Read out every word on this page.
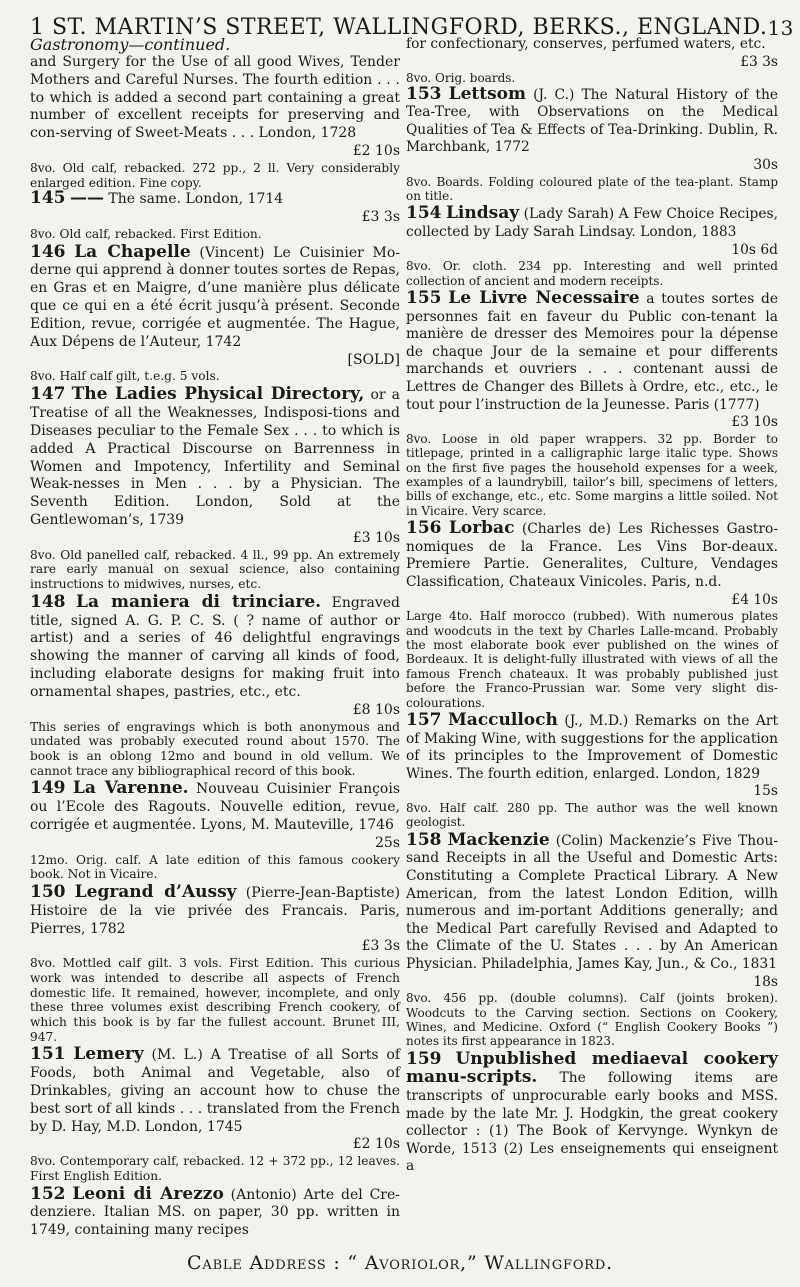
1 ST. MARTIN’S STREET, WALLINGFORD, BERKS., ENGLAND. 13

Gastronomy—continued.

and Surgery for the Use of all good Wives, Tender Mothers and Careful Nurses. The fourth edition . . . to which is added a second part containing a great number of excellent receipts for preserving and con-serving of Sweet-Meats . . . London, 1728
£2 10s
8vo. Old calf, rebacked. 272 pp., 2 ll. Very considerably enlarged edition. Fine copy.

145 —— The same. London, 1714
£3 3s
8vo. Old calf, rebacked. First Edition.

146 La Chapelle (Vincent) Le Cuisinier Mo-derne qui apprend à donner toutes sortes de Repas, en Gras et en Maigre, d’une manière plus délicate que ce qui en a été écrit jusqu’à présent. Seconde Edition, revue, corrigée et augmentée. The Hague, Aux Dépens de l’Auteur, 1742
[SOLD]
8vo. Half calf gilt, t.e.g. 5 vols.

147 The Ladies Physical Directory, or a Treatise of all the Weaknesses, Indisposi-tions and Diseases peculiar to the Female Sex . . . to which is added A Practical Discourse on Barrenness in Women and Impotency, Infertility and Seminal Weak-nesses in Men . . . by a Physician. The Seventh Edition. London, Sold at the Gentlewoman’s, 1739
£3 10s
8vo. Old panelled calf, rebacked. 4 ll., 99 pp. An extremely rare early manual on sexual science, also containing instructions to midwives, nurses, etc.

148 La maniera di trinciare. Engraved title, signed A. G. P. C. S. ( ? name of author or artist) and a series of 46 delightful engravings showing the manner of carving all kinds of food, including elaborate designs for making fruit into ornamental shapes, pastries, etc., etc.
£8 10s
This series of engravings which is both anonymous and undated was probably executed round about 1570. The book is an oblong 12mo and bound in old vellum. We cannot trace any bibliographical record of this book.

149 La Varenne. Nouveau Cuisinier François ou l’Ecole des Ragouts. Nouvelle edition, revue, corrigée et augmentée. Lyons, M. Mauteville, 1746
25s
12mo. Orig. calf. A late edition of this famous cookery book. Not in Vicaire.

150 Legrand d’Aussy (Pierre-Jean-Baptiste) Histoire de la vie privée des Francais. Paris, Pierres, 1782
£3 3s
8vo. Mottled calf gilt. 3 vols. First Edition. This curious work was intended to describe all aspects of French domestic life. It remained, however, incomplete, and only these three volumes exist describing French cookery, of which this book is by far the fullest account. Brunet III, 947.

151 Lemery (M. L.) A Treatise of all Sorts of Foods, both Animal and Vegetable, also of Drinkables, giving an account how to chuse the best sort of all kinds . . . translated from the French by D. Hay, M.D. London, 1745
£2 10s
8vo. Contemporary calf, rebacked. 12 + 372 pp., 12 leaves. First English Edition.

152 Leoni di Arezzo (Antonio) Arte del Cre-denziere. Italian MS. on paper, 30 pp. written in 1749, containing many recipes

for confectionary, conserves, perfumed waters, etc.
£3 3s
8vo. Orig. boards.

153 Lettsom (J. C.) The Natural History of the Tea-Tree, with Observations on the Medical Qualities of Tea & Effects of Tea-Drinking. Dublin, R. Marchbank, 1772
30s
8vo. Boards. Folding coloured plate of the tea-plant. Stamp on title.

154 Lindsay (Lady Sarah) A Few Choice Recipes, collected by Lady Sarah Lindsay. London, 1883
10s 6d
8vo. Or. cloth. 234 pp. Interesting and well printed collection of ancient and modern receipts.

155 Le Livre Necessaire a toutes sortes de personnes fait en faveur du Public con-tenant la manière de dresser des Memoires pour la dépense de chaque Jour de la semaine et pour differents marchands et ouvriers . . . contenant aussi de Lettres de Changer des Billets à Ordre, etc., etc., le tout pour l’instruction de la Jeunesse. Paris (1777)
£3 10s
8vo. Loose in old paper wrappers. 32 pp. Border to titlepage, printed in a calligraphic large italic type. Shows on the first five pages the household expenses for a week, examples of a laundrybill, tailor’s bill, specimens of letters, bills of exchange, etc., etc. Some margins a little soiled. Not in Vicaire. Very scarce.

156 Lorbac (Charles de) Les Richesses Gastro-nomiques de la France. Les Vins Bor-deaux. Premiere Partie. Generalites, Culture, Vendages Classification, Chateaux Vinicoles. Paris, n.d.
£4 10s
Large 4to. Half morocco (rubbed). With numerous plates and woodcuts in the text by Charles Lalle-mcand. Probably the most elaborate book ever published on the wines of Bordeaux. It is delight-fully illustrated with views of all the famous French chateaux. It was probably published just before the Franco-Prussian war. Some very slight dis-colourations.

157 Macculloch (J., M.D.) Remarks on the Art of Making Wine, with suggestions for the application of its principles to the Improvement of Domestic Wines. The fourth edition, enlarged. London, 1829
15s
8vo. Half calf. 280 pp. The author was the well known geologist.

158 Mackenzie (Colin) Mackenzie’s Five Thou-sand Receipts in all the Useful and Domestic Arts: Constituting a Complete Practical Library. A New American, from the latest London Edition, willh numerous and im-portant Additions generally; and the Medical Part carefully Revised and Adapted to the Climate of the U. States . . . by An American Physician. Philadelphia, James Kay, Jun., & Co., 1831
18s
8vo. 456 pp. (double columns). Calf (joints broken). Woodcuts to the Carving section. Sections on Cookery, Wines, and Medicine. Oxford (“ English Cookery Books ”) notes its first appearance in 1823.

159 Unpublished mediaeval cookery manu-scripts. The following items are transcripts of unprocurable early books and MSS. made by the late Mr. J. Hodgkin, the great cookery collector : (1) The Book of Kervynge. Wynkyn de Worde, 1513 (2) Les enseignements qui enseignent a

Cable Address : “ Avoriolor,” Wallingford.
